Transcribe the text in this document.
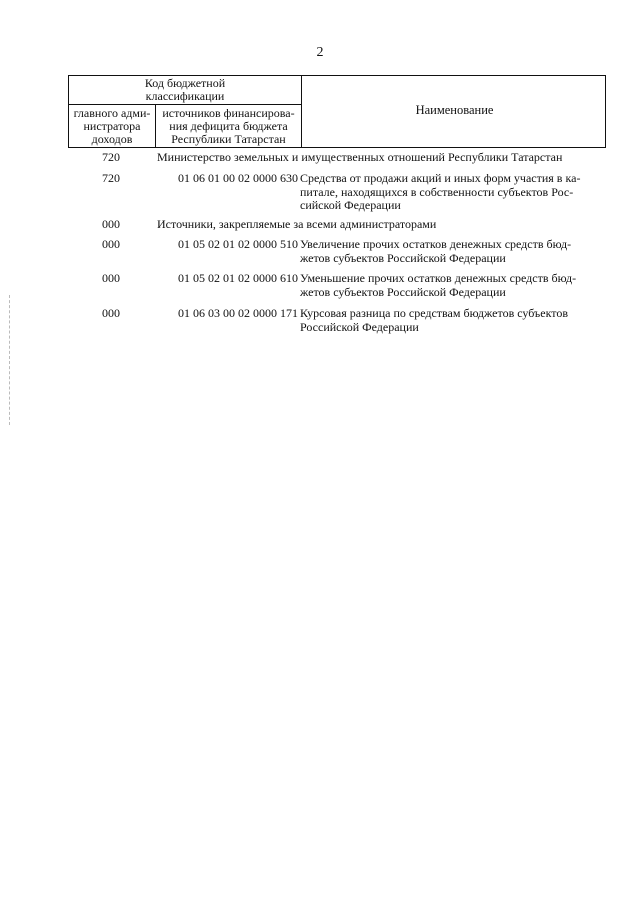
2
Код бюджетной
классификации
главного адми-
нистратора
доходов
источников финансирова-
ния дефицита бюджета
Республики Татарстан
Наименование
720	Министерство земельных и имущественных отношений Республики Татарстан
720	01 06 01 00 02 0000 630 Средства от продажи акций и иных форм участия в ка-
питале, находящихся в собственности субъектов Рос-
сийской Федерации
000	Источники, закрепляемые за всеми администраторами
000	01 05 02 01 02 0000 510 Увеличение прочих остатков денежных средств бюд-
жетов субъектов Российской Федерации
000	01 05 02 01 02 0000 610 Уменьшение прочих остатков денежных средств бюд-
жетов субъектов Российской Федерации
000	01 06 03 00 02 0000 171 Курсовая разница по средствам бюджетов субъектов
Российской Федерации
